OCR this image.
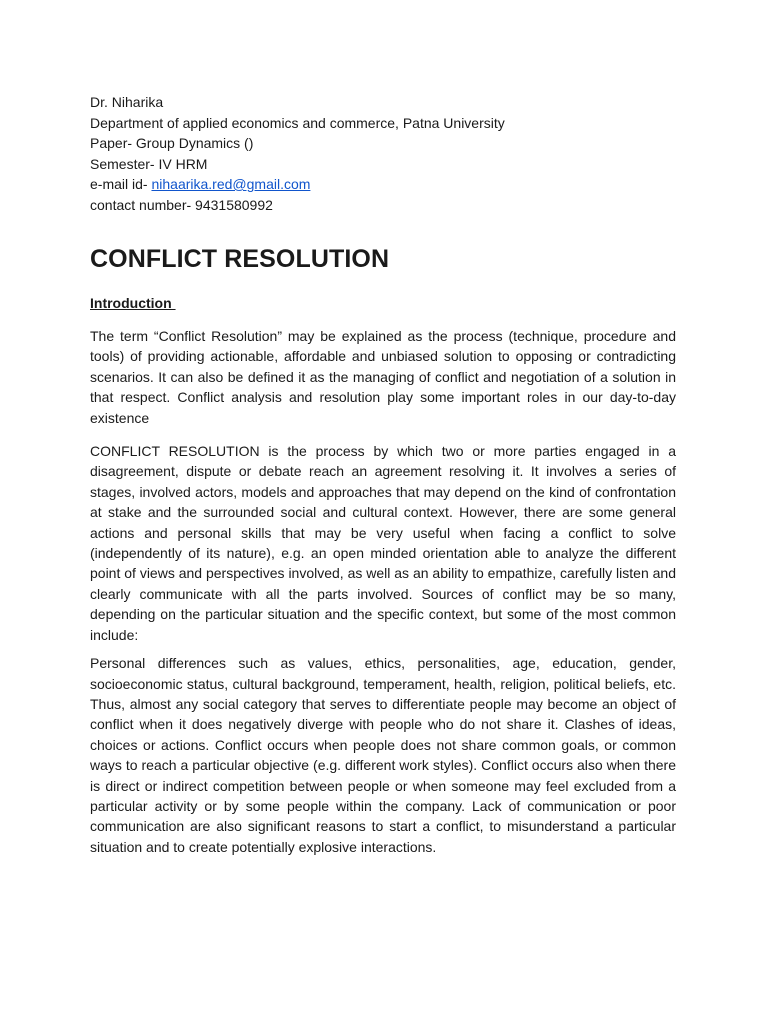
Dr. Niharika
Department of applied economics and commerce, Patna University
Paper- Group Dynamics ()
Semester- IV HRM
e-mail id- nihaarika.red@gmail.com
contact number- 9431580992
CONFLICT RESOLUTION
Introduction

The term “Conflict Resolution” may be explained as the process (technique, procedure and tools) of providing actionable, affordable and unbiased solution to opposing or contradicting scenarios. It can also be defined it as the managing of conflict and negotiation of a solution in that respect. Conflict analysis and resolution play some important roles in our day-to-day existence

CONFLICT RESOLUTION is the process by which two or more parties engaged in a disagreement, dispute or debate reach an agreement resolving it. It involves a series of stages, involved actors, models and approaches that may depend on the kind of confrontation at stake and the surrounded social and cultural context. However, there are some general actions and personal skills that may be very useful when facing a conflict to solve (independently of its nature), e.g. an open minded orientation able to analyze the different point of views and perspectives involved, as well as an ability to empathize, carefully listen and clearly communicate with all the parts involved. Sources of conflict may be so many, depending on the particular situation and the specific context, but some of the most common include:

Personal differences such as values, ethics, personalities, age, education, gender, socioeconomic status, cultural background, temperament, health, religion, political beliefs, etc. Thus, almost any social category that serves to differentiate people may become an object of conflict when it does negatively diverge with people who do not share it. Clashes of ideas, choices or actions. Conflict occurs when people does not share common goals, or common ways to reach a particular objective (e.g. different work styles). Conflict occurs also when there is direct or indirect competition between people or when someone may feel excluded from a particular activity or by some people within the company. Lack of communication or poor communication are also significant reasons to start a conflict, to misunderstand a particular situation and to create potentially explosive interactions.
